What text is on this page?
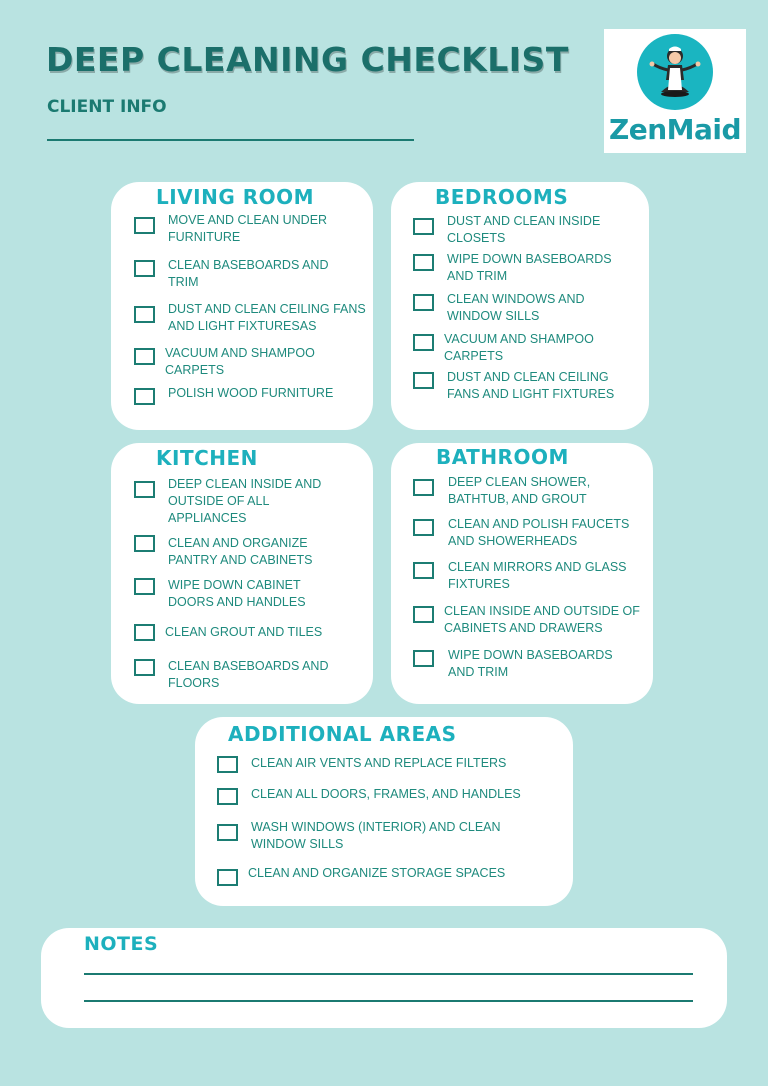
DEEP CLEANING CHECKLIST
CLIENT INFO
ZenMaid
LIVING ROOM
MOVE AND CLEAN UNDER FURNITURE
CLEAN BASEBOARDS AND TRIM
DUST AND CLEAN CEILING FANS AND LIGHT FIXTURESAS
VACUUM AND SHAMPOO CARPETS
POLISH WOOD FURNITURE
BEDROOMS
DUST AND CLEAN INSIDE CLOSETS
WIPE DOWN BASEBOARDS AND TRIM
CLEAN WINDOWS AND WINDOW SILLS
VACUUM AND SHAMPOO CARPETS
DUST AND CLEAN CEILING FANS AND LIGHT FIXTURES
KITCHEN
DEEP CLEAN INSIDE AND OUTSIDE OF ALL APPLIANCES
CLEAN AND ORGANIZE PANTRY AND CABINETS
WIPE DOWN CABINET DOORS AND HANDLES
CLEAN GROUT AND TILES
CLEAN BASEBOARDS AND FLOORS
BATHROOM
DEEP CLEAN SHOWER, BATHTUB, AND GROUT
CLEAN AND POLISH FAUCETS AND SHOWERHEADS
CLEAN MIRRORS AND GLASS FIXTURES
CLEAN INSIDE AND OUTSIDE OF CABINETS AND DRAWERS
WIPE DOWN BASEBOARDS AND TRIM
ADDITIONAL AREAS
CLEAN AIR VENTS AND REPLACE FILTERS
CLEAN ALL DOORS, FRAMES, AND HANDLES
WASH WINDOWS (INTERIOR) AND CLEAN WINDOW SILLS
CLEAN AND ORGANIZE STORAGE SPACES
NOTES
